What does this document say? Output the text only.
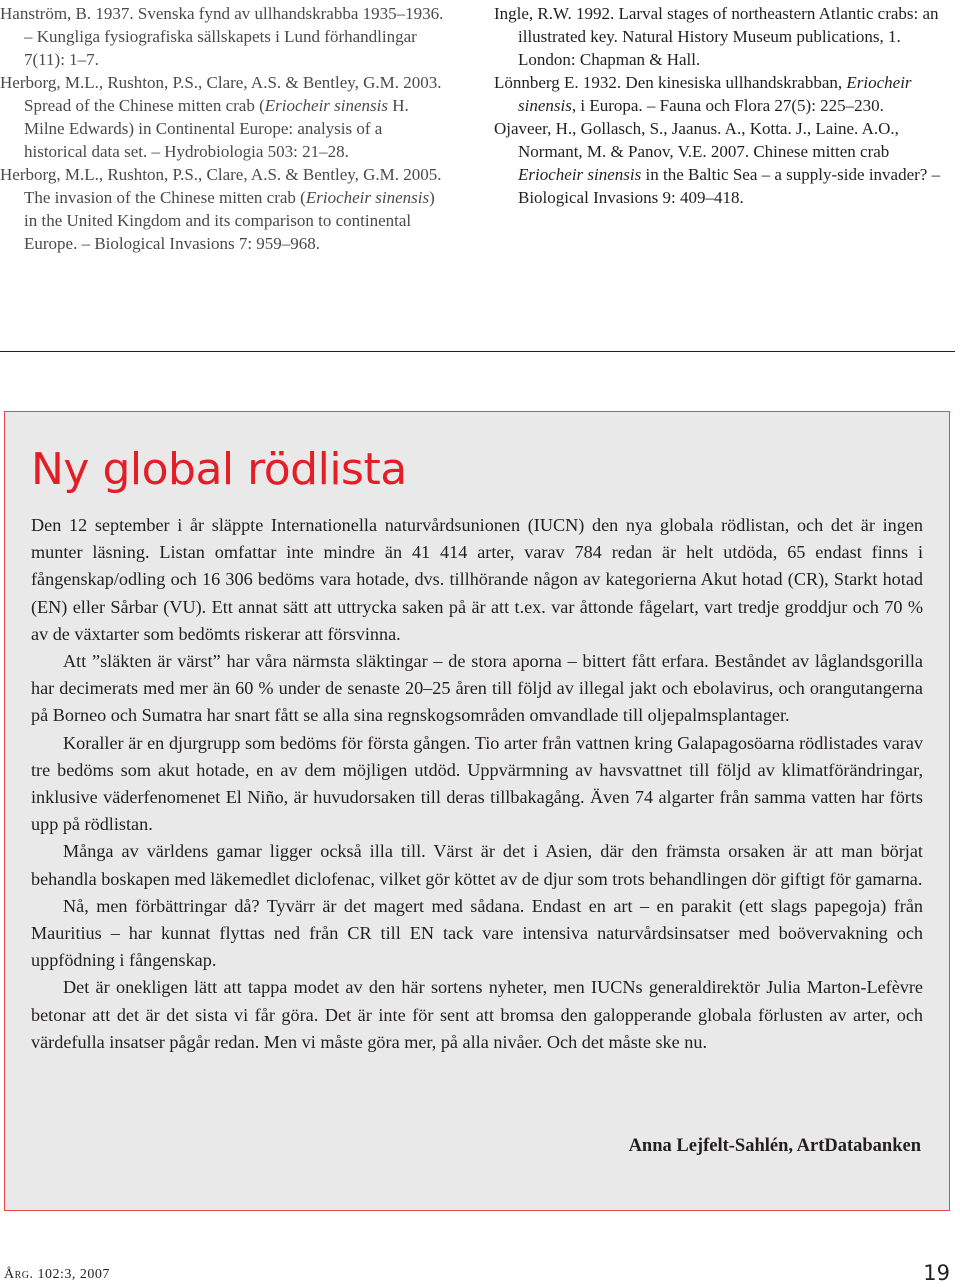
Hanström, B. 1937. Svenska fynd av ullhandskrabba 1935–1936. – Kungliga fysiografiska sällskapets i Lund förhandlingar 7(11): 1–7.

Herborg, M.L., Rushton, P.S., Clare, A.S. & Bentley, G.M. 2003. Spread of the Chinese mitten crab (Eriocheir sinensis H. Milne Edwards) in Continental Europe: analysis of a historical data set. – Hydrobiologia 503: 21–28.

Herborg, M.L., Rushton, P.S., Clare, A.S. & Bentley, G.M. 2005. The invasion of the Chinese mitten crab (Eriocheir sinensis) in the United Kingdom and its comparison to continental Europe. – Biological Invasions 7: 959–968.

Ingle, R.W. 1992. Larval stages of northeastern Atlantic crabs: an illustrated key. Natural History Museum publications, 1. London: Chapman & Hall.

Lönnberg E. 1932. Den kinesiska ullhandskrabban, Eriocheir sinensis, i Europa. – Fauna och Flora 27(5): 225–230.

Ojaveer, H., Gollasch, S., Jaanus. A., Kotta. J., Laine. A.O., Normant, M. & Panov, V.E. 2007. Chinese mitten crab Eriocheir sinensis in the Baltic Sea – a supply-side invader? – Biological Invasions 9: 409–418.

Ny global rödlista

Den 12 september i år släppte Internationella naturvårdsunionen (IUCN) den nya globala rödlistan, och det är ingen munter läsning. Listan omfattar inte mindre än 41 414 arter, varav 784 redan är helt utdöda, 65 endast finns i fångenskap/odling och 16 306 bedöms vara hotade, dvs. tillhörande någon av kategorierna Akut hotad (CR), Starkt hotad (EN) eller Sårbar (VU). Ett annat sätt att uttrycka saken på är att t.ex. var åttonde fågelart, vart tredje groddjur och 70 % av de växtarter som bedömts riskerar att försvinna.

Att ”släkten är värst” har våra närmsta släktingar – de stora aporna – bittert fått erfara. Beståndet av låglandsgorilla har decimerats med mer än 60 % under de senaste 20–25 åren till följd av illegal jakt och ebolavirus, och orangutangerna på Borneo och Sumatra har snart fått se alla sina regnskogsområden omvandlade till oljepalmsplantager.

Koraller är en djurgrupp som bedöms för första gången. Tio arter från vattnen kring Galapagosöarna rödlistades varav tre bedöms som akut hotade, en av dem möjligen utdöd. Uppvärmning av havsvattnet till följd av klimatförändringar, inklusive väderfenomenet El Niño, är huvudorsaken till deras tillbakagång. Även 74 algarter från samma vatten har förts upp på rödlistan.

Många av världens gamar ligger också illa till. Värst är det i Asien, där den främsta orsaken är att man börjat behandla boskapen med läkemedlet diclofenac, vilket gör köttet av de djur som trots behandlingen dör giftigt för gamarna.

Nå, men förbättringar då? Tyvärr är det magert med sådana. Endast en art – en parakit (ett slags papegoja) från Mauritius – har kunnat flyttas ned från CR till EN tack vare intensiva naturvårdsinsatser med boövervakning och uppfödning i fångenskap.

Det är onekligen lätt att tappa modet av den här sortens nyheter, men IUCNs generaldirektör Julia Marton-Lefèvre betonar att det är det sista vi får göra. Det är inte för sent att bromsa den galopperande globala förlusten av arter, och värdefulla insatser pågår redan. Men vi måste göra mer, på alla nivåer. Och det måste ske nu.

Anna Lejfelt-Sahlén, ArtDatabanken
Årg. 102:3, 2007	19
